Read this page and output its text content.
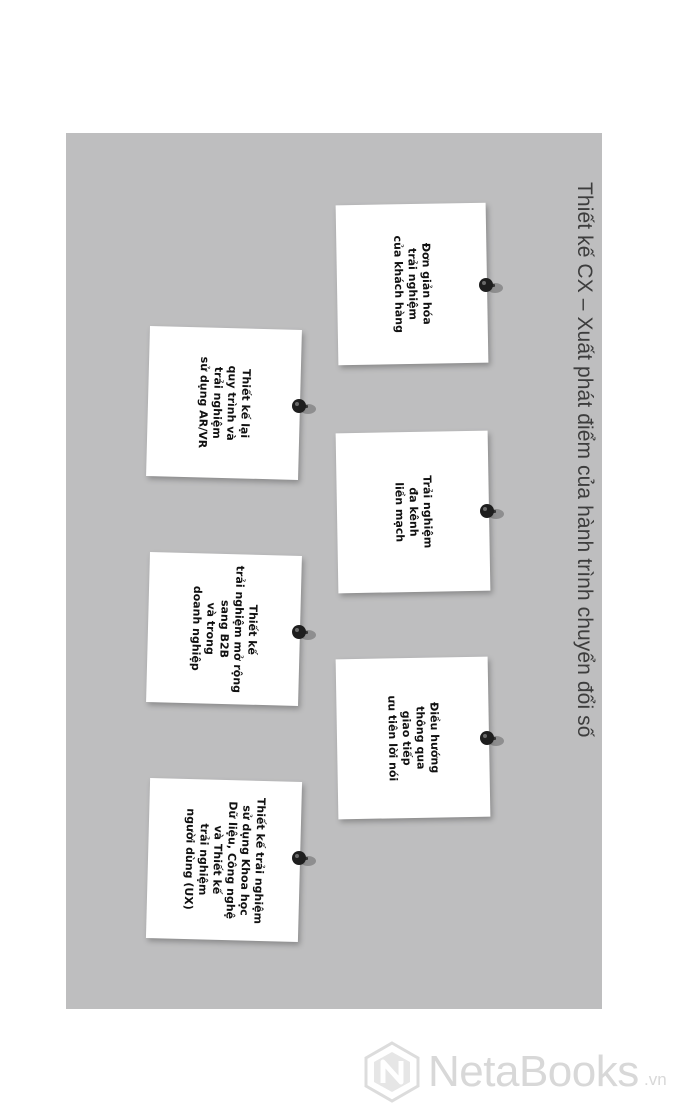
Thiết kế CX – Xuất phát điểm của hành trình chuyển đổi số
Đơn giản hóa
trải nghiệm
của khách hàng
Thiết kế lại
quy trình và
trải nghiệm
sử dụng AR/VR
Trải nghiệm
đa kênh
liền mạch
Thiết kế
trải nghiệm mở rộng
sang B2B
và trong
doanh nghiệp
Điều hướng
thông qua
giao tiếp
ưu tiên lời nói
Thiết kế trải nghiệm
sử dụng Khoa học
Dữ liệu, Công nghệ
và Thiết kế
trải nghiệm
người dùng (UX)
NetaBooks .vn
